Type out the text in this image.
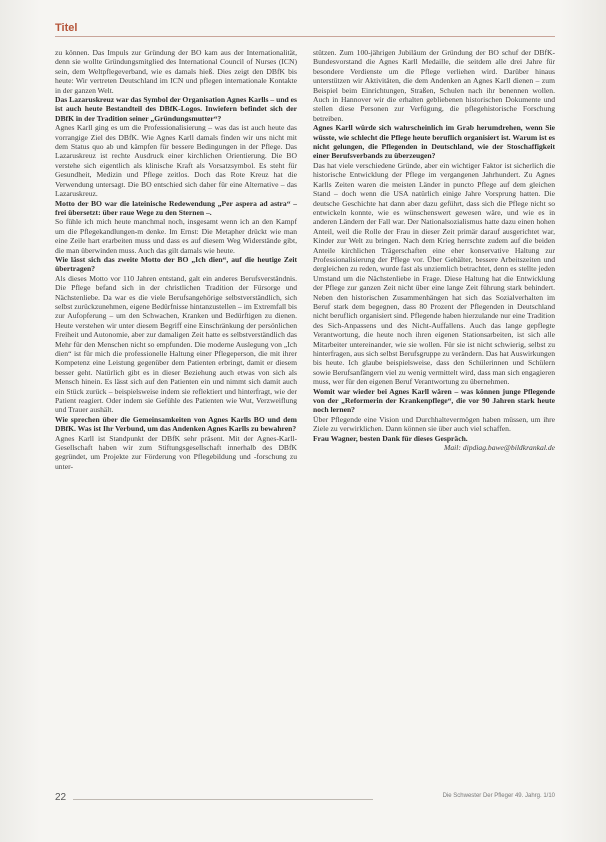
Titel

zu können. Das Impuls zur Gründung der BO kam aus der Internationalität, denn sie wollte Gründungsmitglied des International Council of Nurses (ICN) sein, dem Weltpflegeverband, wie es damals hieß. Dies zeigt den DBfK bis heute: Wir vertreten Deutschland im ICN und pflegen internationale Kontakte in der ganzen Welt.

Das Lazaruskreuz war das Symbol der Organisation Agnes Karlls – und es ist auch heute Bestandteil des DBfK-Logos. Inwiefern befindet sich der DBfK in der Tradition seiner „Gründungsmutter“?

Agnes Karll ging es um die Professionalisierung – was das ist auch heute das vorrangige Ziel des DBfK. Wie Agnes Karll damals finden wir uns nicht mit dem Status quo ab und kämpfen für bessere Bedingungen in der Pflege. Das Lazaruskreuz ist rechte Ausdruck einer kirchlichen Orientierung. Die BO verstehe sich eigentlich als klinische Kraft als Vorsatzsymbol. Es steht für Gesundheit, Medizin und Pflege zeitlos. Doch das Rote Kreuz hat die Verwendung untersagt. Die BO entschied sich daher für eine Alternative – das Lazaruskreuz.

Motto der BO war die lateinische Redewendung „Per aspera ad astra“ – frei übersetzt: über raue Wege zu den Sternen –.

So fühle ich mich heute manchmal noch, insgesamt wenn ich an den Kampf um die Pflegekandlungen-m denke. Im Ernst: Die Metapher drückt wie man eine Zeile hart erarbeiten muss und dass es auf diesem Weg Widerstände gibt, die man überwinden muss. Auch das gilt damals wie heute.

Wie lässt sich das zweite Motto der BO „Ich dien“, auf die heutige Zeit übertragen?

Als dieses Motto vor 110 Jahren entstand, galt ein anderes Berufsverständnis. Die Pflege befand sich in der christlichen Tradition der Fürsorge und Nächstenliebe. Da war es die viele Berufsangehörige selbstverständlich, sich selbst zurückzunehmen, eigene Bedürfnisse hintanzustellen – im Extremfall bis zur Aufopferung – um den Schwachen, Kranken und Bedürftigen zu dienen. Heute verstehen wir unter diesem Begriff eine Einschränkung der persönlichen Freiheit und Autonomie, aber zur damaligen Zeit hatte es selbstverständlich das Mehr für den Menschen nicht so empfunden. Die moderne Auslegung von „Ich dien“ ist für mich die professionelle Haltung einer Pflegeperson, die mit ihrer Kompetenz eine Leistung gegenüber dem Patienten erbringt, damit er diesem besser geht. Natürlich gibt es in dieser Beziehung auch etwas von sich als Mensch hinein. Es lässt sich auf den Patienten ein und nimmt sich damit auch ein Stück zurück – beispielsweise indem sie reflektiert und hinterfragt, wie der Patient reagiert. Oder indem sie Gefühle des Patienten wie Wut, Verzweiflung und Trauer aushält.

Wie sprechen über die Gemeinsamkeiten von Agnes Karlls BO und dem DBfK. Was ist Ihr Verbund, um das Andenken Agnes Karlls zu bewahren?

Agnes Karll ist Standpunkt der DBfK sehr präsent. Mit der Agnes-Karll-Gesellschaft haben wir zum Stiftungsgesellschaft innerhalb des DBfK gegründet, um Projekte zur Förderung von Pflegebildung und -forschung zu unter-

stützen. Zum 100-jährigen Jubiläum der Gründung der BO schuf der DBfK-Bundesvorstand die Agnes Karll Medaille, die seitdem alle drei Jahre für besondere Verdienste um die Pflege verliehen wird. Darüber hinaus unterstützen wir Aktivitäten, die dem Andenken an Agnes Karll dienen – zum Beispiel beim Einrichtungen, Straßen, Schulen nach ihr benennen wollen. Auch in Hannover wir die erhalten gebliebenen historischen Dokumente und stellen diese Personen zur Verfügung, die pflegehistorische Forschung betreiben.

Agnes Karll würde sich wahrscheinlich im Grab herumdrehen, wenn Sie wüsste, wie schlecht die Pflege heute beruflich organisiert ist. Warum ist es nicht gelungen, die Pflegenden in Deutschland, wie der Stoschaffigkeit einer Berufsverbands zu überzeugen?

Das hat viele verschiedene Gründe, aber ein wichtiger Faktor ist sicherlich die historische Entwicklung der Pflege im vergangenen Jahrhundert. Zu Agnes Karlls Zeiten waren die meisten Länder in puncto Pflege auf dem gleichen Stand – doch wenn die USA natürlich einige Jahre Vorsprung hatten. Die deutsche Geschichte hat dann aber dazu geführt, dass sich die Pflege nicht so entwickeln konnte, wie es wünschenswert gewesen wäre, und wie es in anderen Ländern der Fall war. Der Nationalsozialismus hatte dazu einen hohen Anteil, weil die Rolle der Frau in dieser Zeit primär darauf ausgerichtet war, Kinder zur Welt zu bringen. Nach dem Krieg herrschte zudem auf die beiden Anteile kirchlichen Trägerschaften eine eher konservative Haltung zur Professionalisierung der Pflege vor. Über Gehälter, bessere Arbeitszeiten und dergleichen zu reden, wurde fast als unziemlich betrachtet, denn es stellte jeden Umstand um die Nächstenliebe in Frage. Diese Haltung hat die Entwicklung der Pflege zur ganzen Zeit nicht über eine lange Zeit führung stark behindert. Neben den historischen Zusammenhängen hat sich das Sozialverhalten im Beruf stark dem begegnen, dass 80 Prozent der Pflegenden in Deutschland nicht beruflich organisiert sind. Pflegende haben hierzulande nur eine Tradition des Sich-Anpassens und des Nicht-Auffallens. Auch das lange gepflegte Verantwortung, die heute noch ihren eigenen Stationsarbeiten, ist sich alle Mitarbeiter untereinander, wie sie wollen. Für sie ist nicht schwierig, selbst zu hinterfragen, aus sich selbst Berufsgruppe zu verändern. Das hat Auswirkungen bis heute. Ich glaube beispielsweise, dass den Schülerinnen und Schülern sowie Berufsanfängern viel zu wenig vermittelt wird, dass man sich engagieren muss, wer für den eigenen Beruf Verantwortung zu übernehmen.

Womit war wieder bei Agnes Karll wären – was können junge Pflegende von der „Reformerin der Krankenpflege“, die vor 90 Jahren stark heute noch lernen?

Über Pflegende eine Vision und Durchhaltevermögen haben müssen, um ihre Ziele zu verwirklichen. Dann können sie über auch viel schaffen.

Frau Wagner, besten Dank für dieses Gespräch.

Mail: dipdiag.bawe@bildkrankal.de

22	Die Schwester Der Pfleger 49. Jahrg. 1/10
